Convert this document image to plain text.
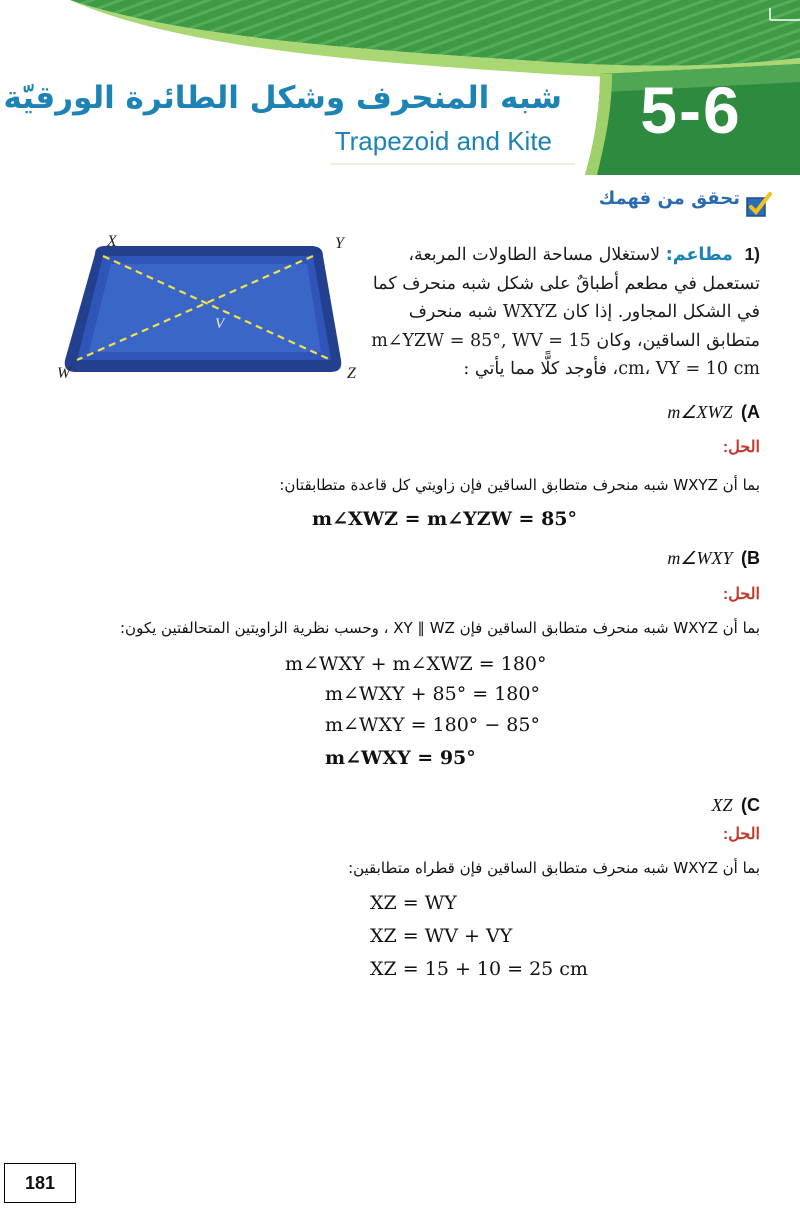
شبه المنحرف وشكل الطائرة الورقيّة
Trapezoid and Kite	5-6
تحقق من فهمك
X	Y
W	Z
V
(1 مطاعم: لاستغلال مساحة الطاولات المربعة، تستعمل في مطعم أطباقٌ على شكل شبه منحرف كما في الشكل المجاور. إذا كان WXYZ شبه منحرف متطابق الساقين، وكان m∠YZW = 85°, WV = 15 cm، VY = 10 cm، فأوجد كلًّا مما يأتي :
m∠XWZ (A
الحل:
بما أن WXYZ شبه منحرف متطابق الساقين فإن زاويتي كل قاعدة متطابقتان:
m∠XWZ = m∠YZW = 85°
m∠WXY (B
الحل:
بما أن WXYZ شبه منحرف متطابق الساقين فإن XY ∥ WZ ، وحسب نظرية الزاويتين المتحالفتين يكون:
m∠WXY + m∠XWZ = 180°
m∠WXY + 85° = 180°
m∠WXY = 180° − 85°
m∠WXY = 95°
XZ (C
الحل:
بما أن WXYZ شبه منحرف متطابق الساقين فإن قطراه متطابقين:
XZ = WY
XZ = WV + VY
XZ = 15 + 10 = 25 cm
181
